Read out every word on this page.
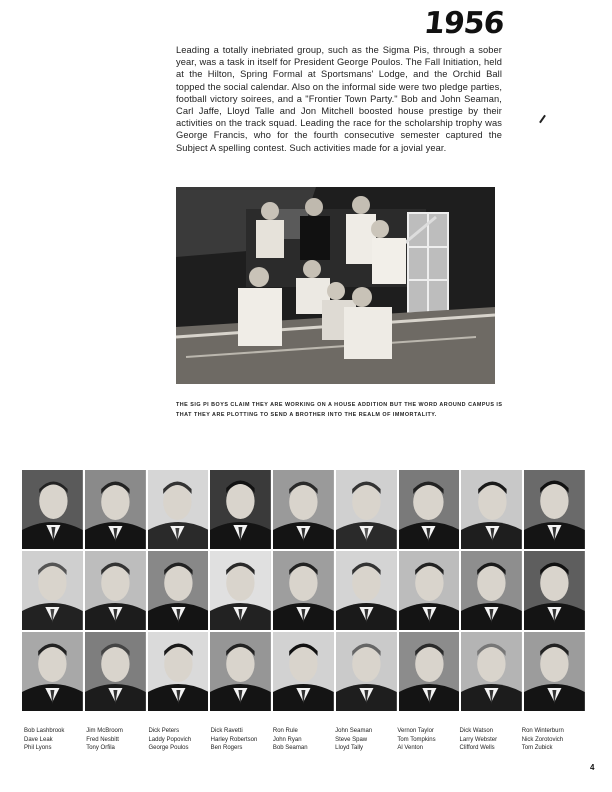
1956
Leading a totally inebriated group, such as the Sigma Pis, through a sober year, was a task in itself for President George Poulos. The Fall Initiation, held at the Hilton, Spring Formal at Sportsmans' Lodge, and the Orchid Ball topped the social calendar. Also on the informal side were two pledge parties, football victory soirees, and a "Frontier Town Party." Bob and John Seaman, Carl Jaffe, Lloyd Talle and Jon Mitchell boosted house prestige by their activities on the track squad. Leading the race for the scholarship trophy was George Francis, who for the fourth consecutive semester captured the Subject A spelling contest. Such activities made for a jovial year.
THE SIG PI BOYS CLAIM THEY ARE WORKING ON A HOUSE ADDITION BUT THE WORD AROUND CAMPUS IS THAT THEY ARE PLOTTING TO SEND A BROTHER INTO THE REALM OF IMMORTALITY.
Bob Lashbrook
Dave Leak
Phil Lyons
Jim McBroom
Fred Nesbitt
Tony Orfila
Dick Peters
Laddy Popovich
George Poulos
Dick Ravetti
Harley Robertson
Ben Rogers
Ron Rule
John Ryan
Bob Seaman
John Seaman
Steve Spaw
Lloyd Tally
Vernon Taylor
Tom Tompkins
Al Venton
Dick Watson
Larry Webster
Clifford Wells
Ron Winterburn
Nick Zorotovich
Tom Zubick
4
